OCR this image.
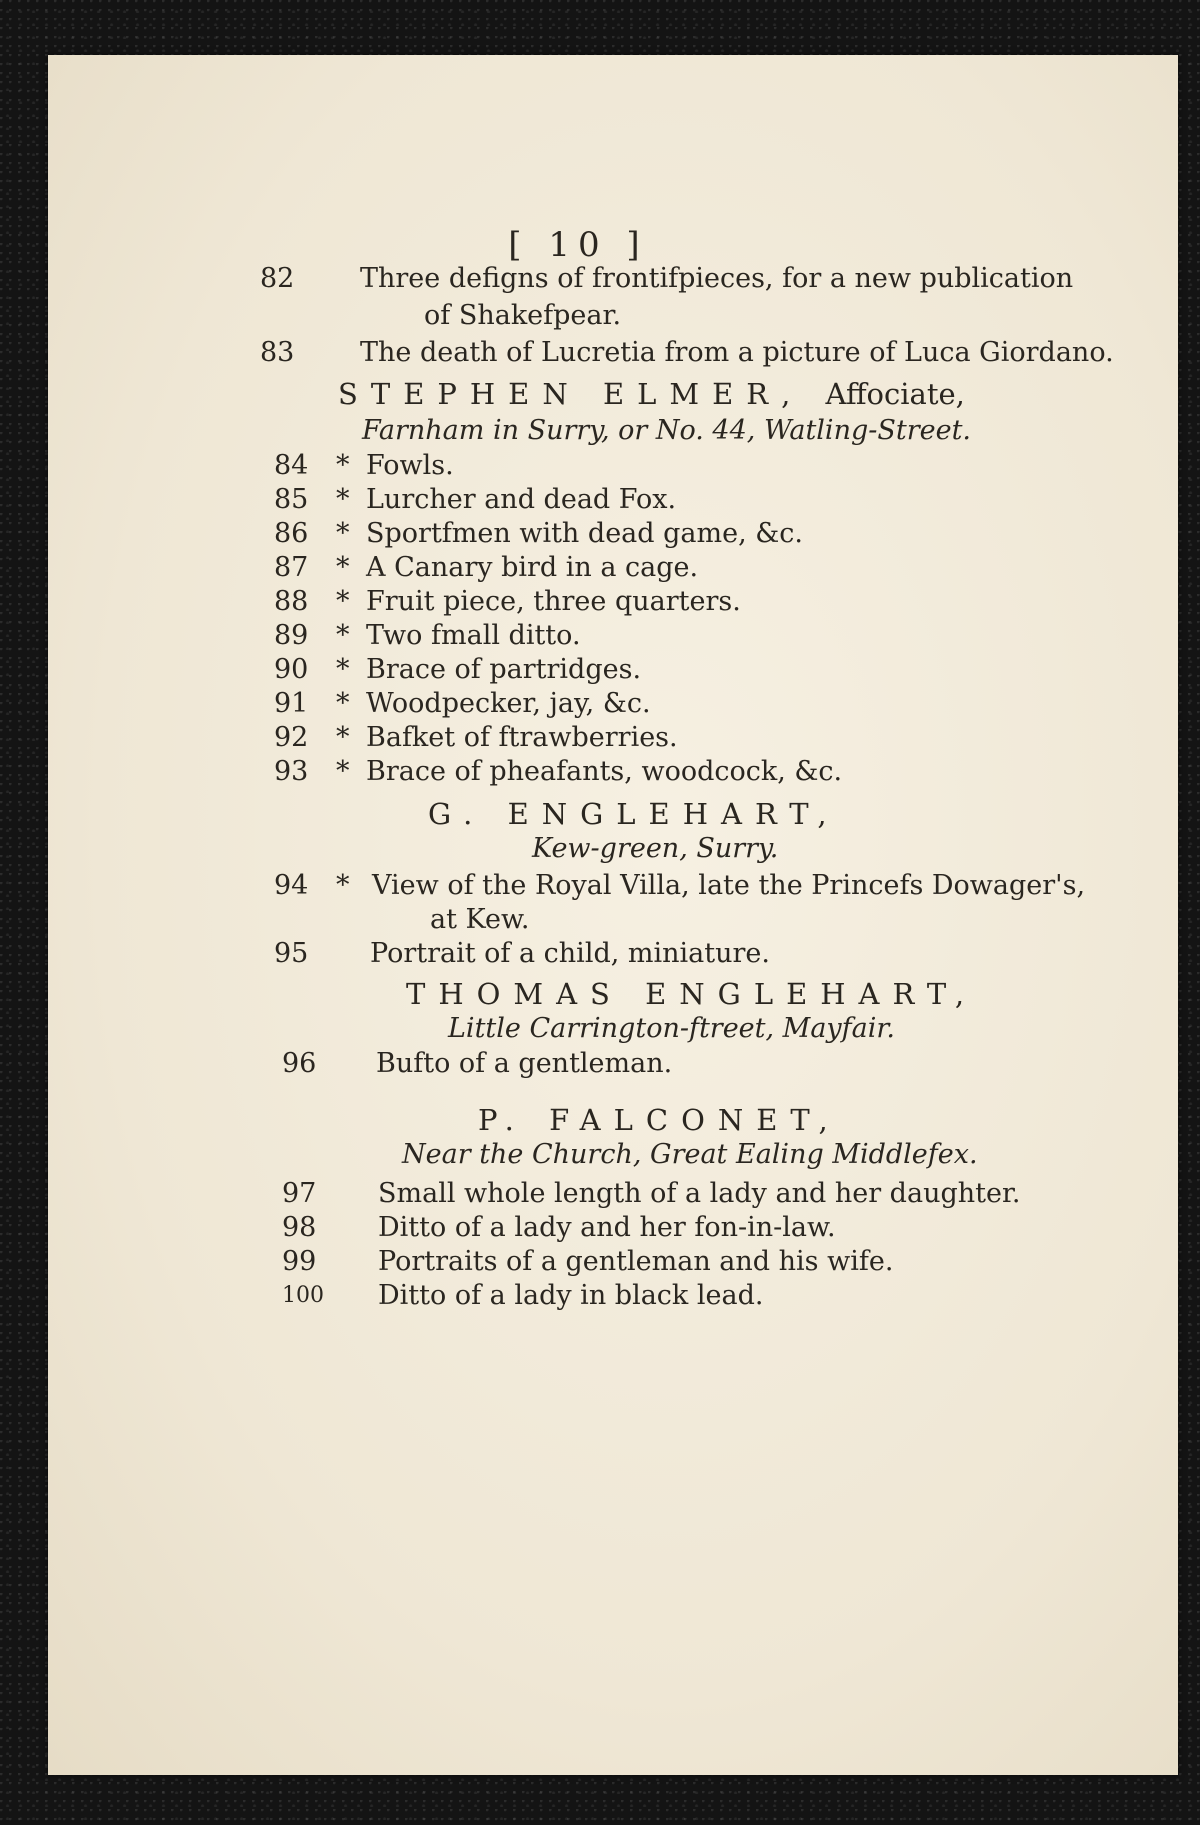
[ 10 ]
82	Three defigns of frontifpieces, for a new publication
of Shakefpear.
83	The death of Lucretia from a picture of Luca Giordano.
STEPHEN ELMER, Affociate,
Farnham in Surry, or No. 44, Watling-Street.
84	* Fowls.
85	* Lurcher and dead Fox.
86	* Sportfmen with dead game, &c.
87	* A Canary bird in a cage.
88	* Fruit piece, three quarters.
89	* Two fmall ditto.
90	* Brace of partridges.
91	* Woodpecker, jay, &c.
92	* Bafket of ftrawberries.
93	* Brace of pheafants, woodcock, &c.
G. ENGLEHART,
Kew-green, Surry.
94	* View of the Royal Villa, late the Princefs Dowager's,
at Kew.
95	Portrait of a child, miniature.
THOMAS ENGLEHART,
Little Carrington-ftreet, Mayfair.
96	Bufto of a gentleman.
P. FALCONET,
Near the Church, Great Ealing Middlefex.
97	Small whole length of a lady and her daughter.
98	Ditto of a lady and her fon-in-law.
99	Portraits of a gentleman and his wife.
100	Ditto of a lady in black lead.
